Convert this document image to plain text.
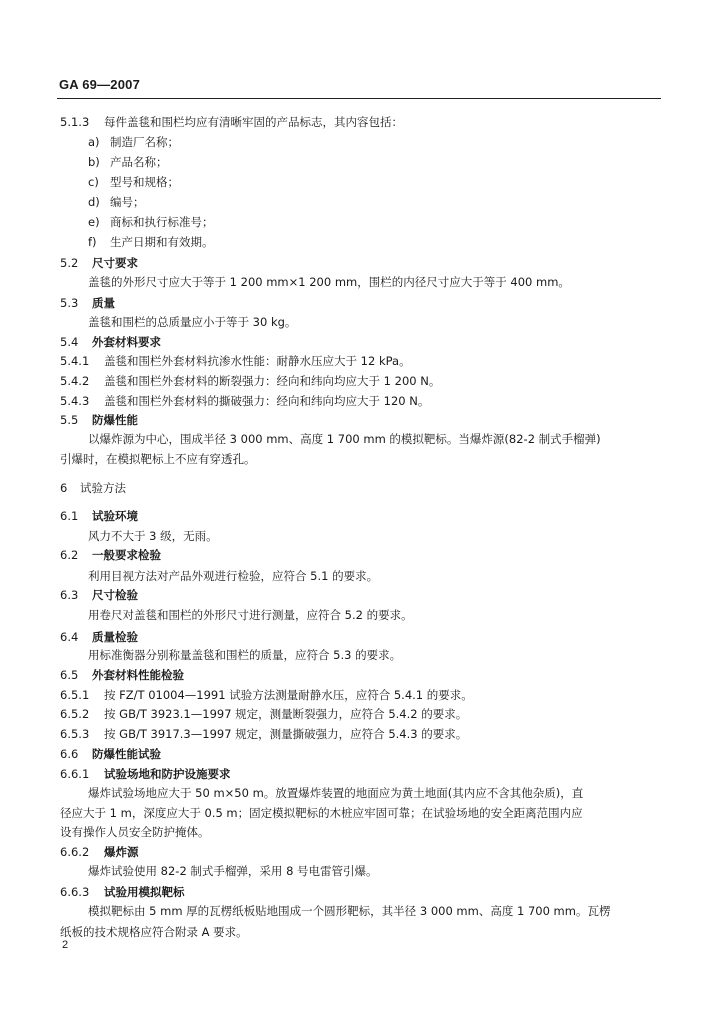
GA 69—2007
5.1.3 每件盖毯和围栏均应有清晰牢固的产品标志，其内容包括：
a) 制造厂名称；
b) 产品名称；
c) 型号和规格；
d) 编号；
e) 商标和执行标准号；
f) 生产日期和有效期。
5.2 尺寸要求
盖毯的外形尺寸应大于等于 1 200 mm×1 200 mm，围栏的内径尺寸应大于等于 400 mm。
5.3 质量
盖毯和围栏的总质量应小于等于 30 kg。
5.4 外套材料要求
5.4.1 盖毯和围栏外套材料抗渗水性能：耐静水压应大于 12 kPa。
5.4.2 盖毯和围栏外套材料的断裂强力：经向和纬向均应大于 1 200 N。
5.4.3 盖毯和围栏外套材料的撕破强力：经向和纬向均应大于 120 N。
5.5 防爆性能
以爆炸源为中心，围成半径 3 000 mm、高度 1 700 mm 的模拟靶标。当爆炸源(82-2 制式手榴弹)
引爆时，在模拟靶标上不应有穿透孔。
6 试验方法
6.1 试验环境
风力不大于 3 级，无雨。
6.2 一般要求检验
利用目视方法对产品外观进行检验，应符合 5.1 的要求。
6.3 尺寸检验
用卷尺对盖毯和围栏的外形尺寸进行测量，应符合 5.2 的要求。
6.4 质量检验
用标准衡器分别称量盖毯和围栏的质量，应符合 5.3 的要求。
6.5 外套材料性能检验
6.5.1 按 FZ/T 01004—1991 试验方法测量耐静水压，应符合 5.4.1 的要求。
6.5.2 按 GB/T 3923.1—1997 规定，测量断裂强力，应符合 5.4.2 的要求。
6.5.3 按 GB/T 3917.3—1997 规定，测量撕破强力，应符合 5.4.3 的要求。
6.6 防爆性能试验
6.6.1 试验场地和防护设施要求
爆炸试验场地应大于 50 m×50 m。放置爆炸装置的地面应为黄土地面(其内应不含其他杂质)，直
径应大于 1 m，深度应大于 0.5 m；固定模拟靶标的木桩应牢固可靠；在试验场地的安全距离范围内应
设有操作人员安全防护掩体。
6.6.2 爆炸源
爆炸试验使用 82-2 制式手榴弹，采用 8 号电雷管引爆。
6.6.3 试验用模拟靶标
模拟靶标由 5 mm 厚的瓦楞纸板贴地围成一个圆形靶标，其半径 3 000 mm、高度 1 700 mm。瓦楞
纸板的技术规格应符合附录 A 要求。
2
